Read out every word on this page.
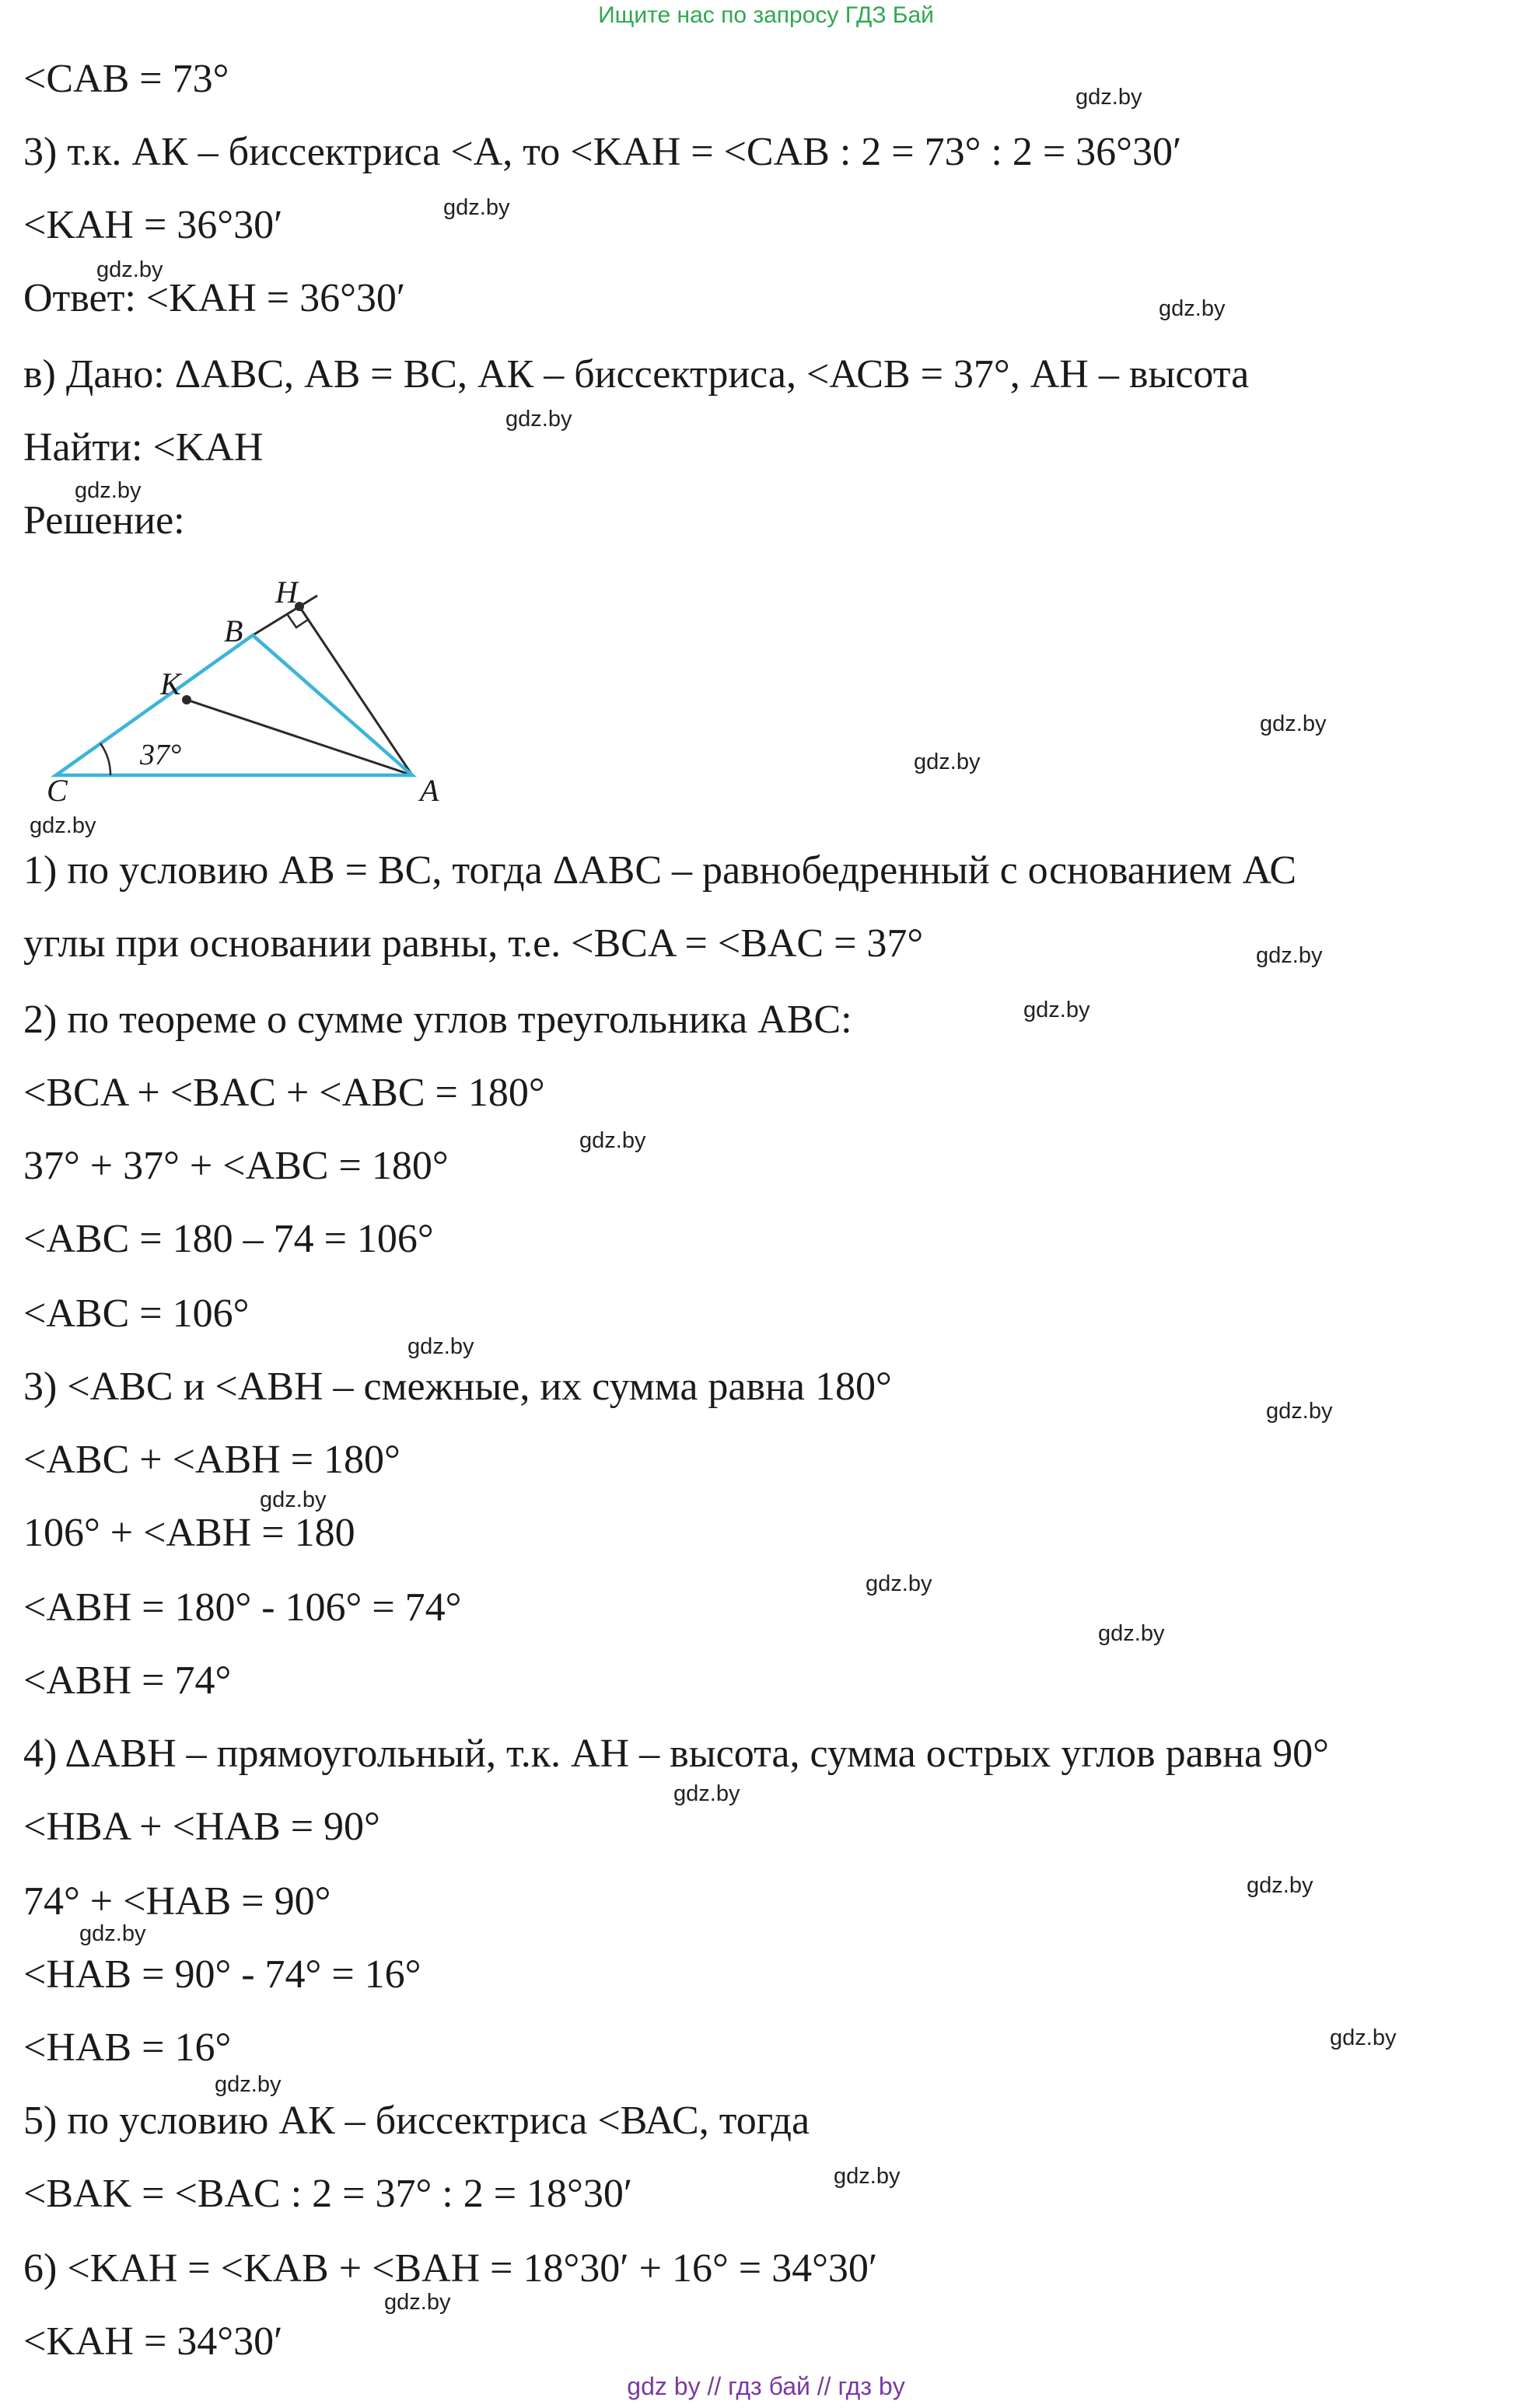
Ищите нас по запросу ГДЗ Бай
<CAB = 73°
3) т.к. АК – биссектриса <А, то <KAH = <CAB : 2 = 73° : 2 = 36°30′
<KAH = 36°30′
Ответ: <KAH = 36°30′
в) Дано: ΔАВС, АВ = ВС, АК – биссектриса, <АСВ = 37°, АН – высота
Найти: <KAH
Решение:
H
B
K
C	A
37°
1) по условию АВ = ВС, тогда ΔАВС – равнобедренный с основанием АС
углы при основании равны, т.е. <BCA = <BAC = 37°
2) по теореме о сумме углов треугольника АВС:
<BCA + <BAC + <ABC = 180°
37° + 37° + <ABC = 180°
<ABC = 180 – 74 = 106°
<ABC = 106°
3) <ABC и <ABH – смежные, их сумма равна 180°
<ABC + <ABH = 180°
106° + <ABH = 180
<ABH = 180° - 106° = 74°
<ABH = 74°
4) ΔАВН – прямоугольный, т.к. АН – высота, сумма острых углов равна 90°
<HBA + <HAB = 90°
74° + <HAB = 90°
<HAB = 90° - 74° = 16°
<HAB = 16°
5) по условию АК – биссектриса <ВАС, тогда
<BAK = <BAC : 2 = 37° : 2 = 18°30′
6) <KAH = <KAB + <BAH = 18°30′ + 16° = 34°30′
<KAH = 34°30′
gdz.by
gdz.by
gdz.by
gdz.by
gdz.by
gdz.by
gdz.by
gdz.by
gdz.by
gdz.by
gdz.by
gdz.by
gdz.by
gdz.by
gdz.by
gdz.by
gdz.by
gdz.by
gdz.by
gdz.by
gdz.by
gdz.by
gdz.by
gdz.by
gdz by // гдз бай // гдз by
